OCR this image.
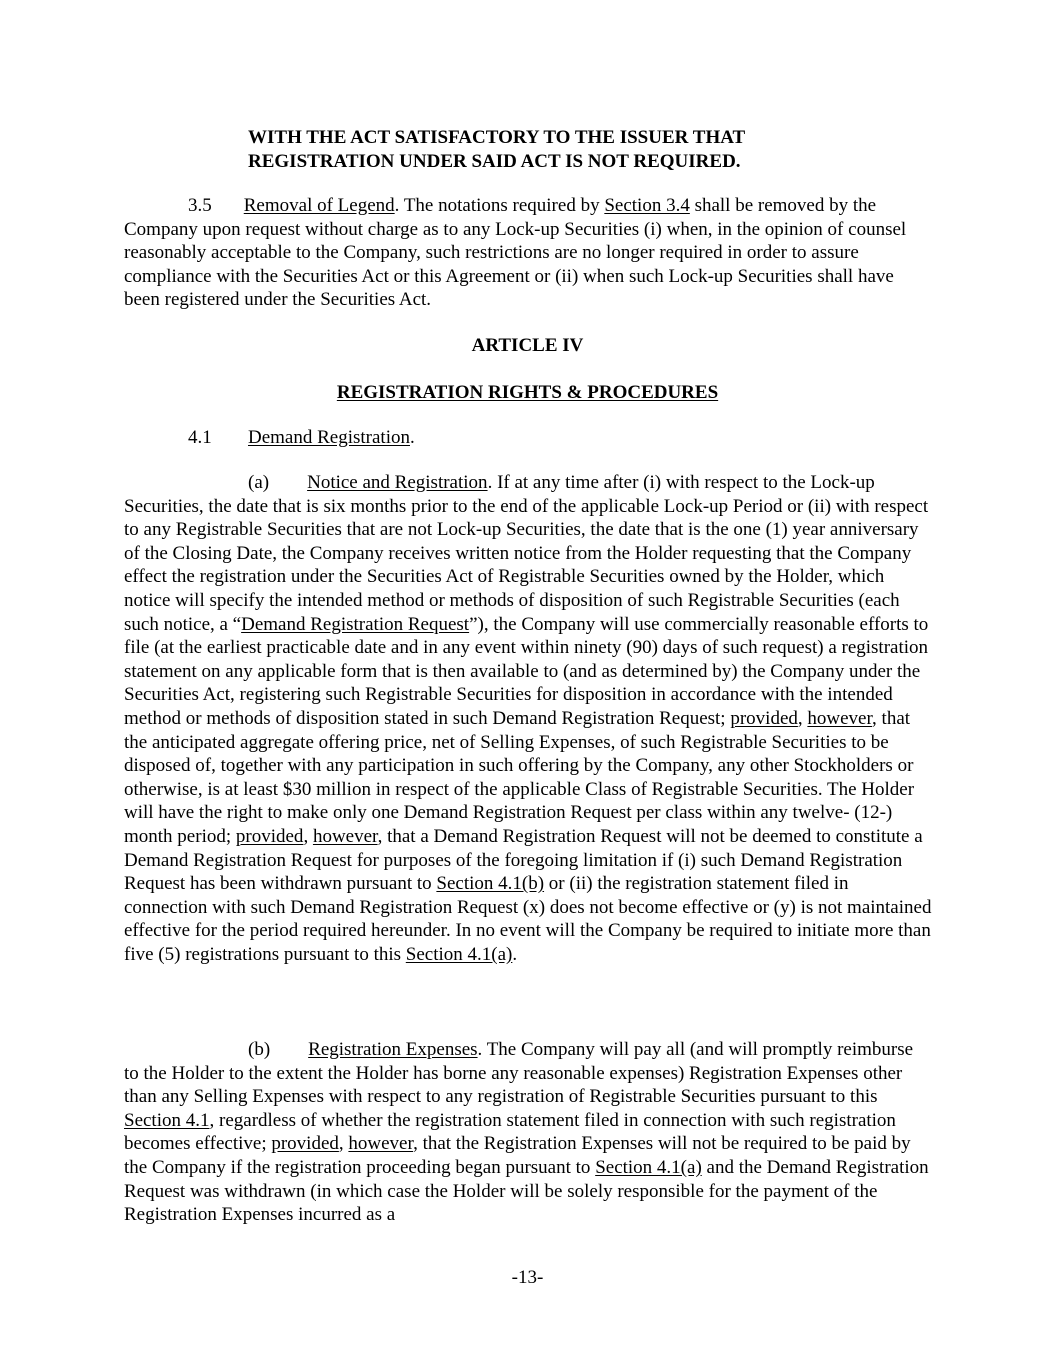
WITH THE ACT SATISFACTORY TO THE ISSUER THAT
REGISTRATION UNDER SAID ACT IS NOT REQUIRED.
3.5 Removal of Legend. The notations required by Section 3.4 shall be removed by the Company upon request without charge as to any Lock-up Securities (i) when, in the opinion of counsel reasonably acceptable to the Company, such restrictions are no longer required in order to assure compliance with the Securities Act or this Agreement or (ii) when such Lock-up Securities shall have been registered under the Securities Act.
ARTICLE IV
REGISTRATION RIGHTS & PROCEDURES
4.1 Demand Registration.
(a) Notice and Registration. If at any time after (i) with respect to the Lock-up Securities, the date that is six months prior to the end of the applicable Lock-up Period or (ii) with respect to any Registrable Securities that are not Lock-up Securities, the date that is the one (1) year anniversary of the Closing Date, the Company receives written notice from the Holder requesting that the Company effect the registration under the Securities Act of Registrable Securities owned by the Holder, which notice will specify the intended method or methods of disposition of such Registrable Securities (each such notice, a “Demand Registration Request”), the Company will use commercially reasonable efforts to file (at the earliest practicable date and in any event within ninety (90) days of such request) a registration statement on any applicable form that is then available to (and as determined by) the Company under the Securities Act, registering such Registrable Securities for disposition in accordance with the intended method or methods of disposition stated in such Demand Registration Request; provided, however, that the anticipated aggregate offering price, net of Selling Expenses, of such Registrable Securities to be disposed of, together with any participation in such offering by the Company, any other Stockholders or otherwise, is at least $30 million in respect of the applicable Class of Registrable Securities. The Holder will have the right to make only one Demand Registration Request per class within any twelve- (12-) month period; provided, however, that a Demand Registration Request will not be deemed to constitute a Demand Registration Request for purposes of the foregoing limitation if (i) such Demand Registration Request has been withdrawn pursuant to Section 4.1(b) or (ii) the registration statement filed in connection with such Demand Registration Request (x) does not become effective or (y) is not maintained effective for the period required hereunder. In no event will the Company be required to initiate more than five (5) registrations pursuant to this Section 4.1(a).
(b) Registration Expenses. The Company will pay all (and will promptly reimburse to the Holder to the extent the Holder has borne any reasonable expenses) Registration Expenses other than any Selling Expenses with respect to any registration of Registrable Securities pursuant to this Section 4.1, regardless of whether the registration statement filed in connection with such registration becomes effective; provided, however, that the Registration Expenses will not be required to be paid by the Company if the registration proceeding began pursuant to Section 4.1(a) and the Demand Registration Request was withdrawn (in which case the Holder will be solely responsible for the payment of the Registration Expenses incurred as a
-13-
